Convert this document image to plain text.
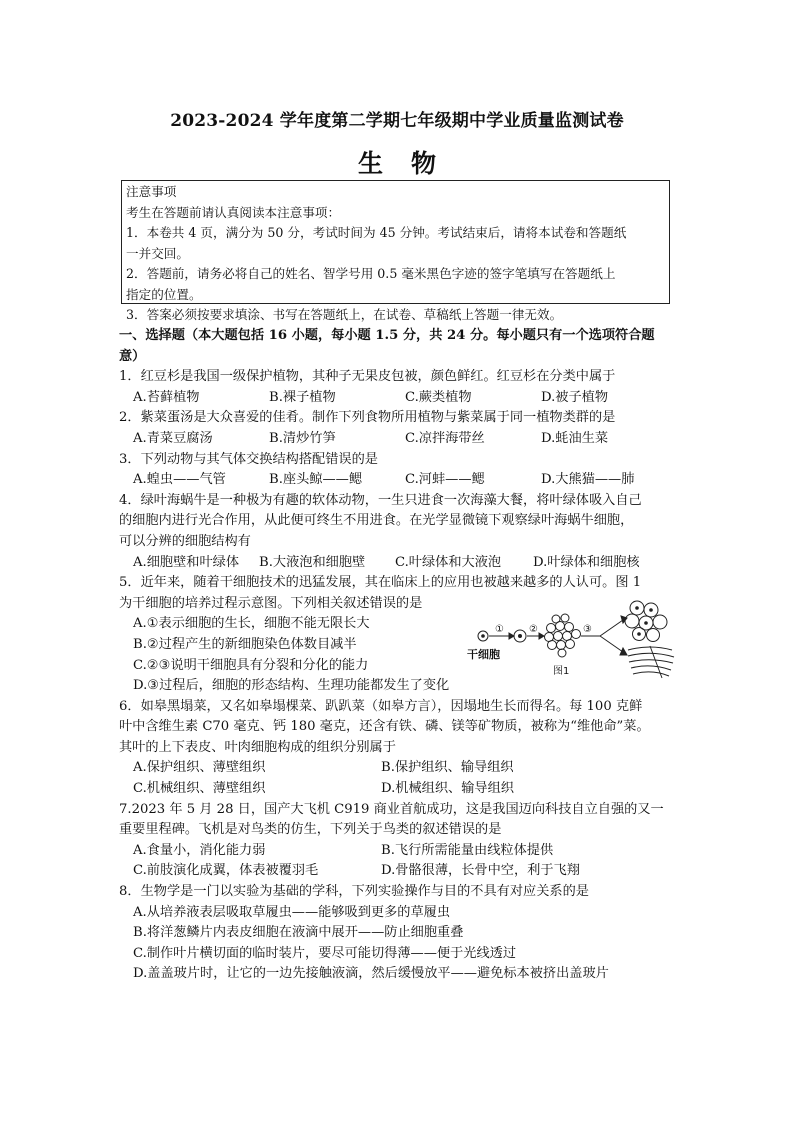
2023-2024 学年度第二学期七年级期中学业质量监测试卷
生物
注意事项
考生在答题前请认真阅读本注意事项：
1．本卷共 4 页，满分为 50 分，考试时间为 45 分钟。考试结束后，请将本试卷和答题纸
一并交回。
2．答题前，请务必将自己的姓名、智学号用 0.5 毫米黑色字迹的签字笔填写在答题纸上
指定的位置。
3．答案必须按要求填涂、书写在答题纸上，在试卷、草稿纸上答题一律无效。
一、选择题（本大题包括 16 小题，每小题 1.5 分，共 24 分。每小题只有一个选项符合题
意）
1．红豆杉是我国一级保护植物，其种子无果皮包被，颜色鲜红。红豆杉在分类中属于
A.苔藓植物	B.裸子植物	C.蕨类植物	D.被子植物
2．紫菜蛋汤是大众喜爱的佳肴。制作下列食物所用植物与紫菜属于同一植物类群的是
A.青菜豆腐汤	B.清炒竹笋	C.凉拌海带丝	D.蚝油生菜
3．下列动物与其气体交换结构搭配错误的是
A.蝗虫——气管	B.座头鲸——鳃	C.河蚌——鳃	D.大熊猫——肺
4．绿叶海蜗牛是一种极为有趣的软体动物，一生只进食一次海藻大餐，将叶绿体吸入自己
的细胞内进行光合作用，从此便可终生不用进食。在光学显微镜下观察绿叶海蜗牛细胞，
可以分辨的细胞结构有
A.细胞壁和叶绿体	B.大液泡和细胞壁	C.叶绿体和大液泡	D.叶绿体和细胞核
5．近年来，随着干细胞技术的迅猛发展，其在临床上的应用也被越来越多的人认可。图 1
为干细胞的培养过程示意图。下列相关叙述错误的是
A.①表示细胞的生长，细胞不能无限长大
B.②过程产生的新细胞染色体数目减半
C.②③说明干细胞具有分裂和分化的能力
D.③过程后，细胞的形态结构、生理功能都发生了变化
6．如皋黑塌菜，又名如皋塌棵菜、趴趴菜（如皋方言），因塌地生长而得名。每 100 克鲜
叶中含维生素 C70 毫克、钙 180 毫克，还含有铁、磷、镁等矿物质，被称为“维他命”菜。
其叶的上下表皮、叶肉细胞构成的组织分别属于
A.保护组织、薄壁组织	B.保护组织、输导组织
C.机械组织、薄壁组织	D.机械组织、输导组织
7.2023 年 5 月 28 日，国产大飞机 C919 商业首航成功，这是我国迈向科技自立自强的又一
重要里程碑。飞机是对鸟类的仿生，下列关于鸟类的叙述错误的是
A.食量小，消化能力弱	B.飞行所需能量由线粒体提供
C.前肢演化成翼，体表被覆羽毛	D.骨骼很薄，长骨中空，利于飞翔
8．生物学是一门以实验为基础的学科，下列实验操作与目的不具有对应关系的是
A.从培养液表层吸取草履虫——能够吸到更多的草履虫
B.将洋葱鳞片内表皮细胞在液滴中展开——防止细胞重叠
C.制作叶片横切面的临时装片，要尽可能切得薄——便于光线透过
D.盖盖玻片时，让它的一边先接触液滴，然后缓慢放平——避免标本被挤出盖玻片
①	②	③
干细胞
图1
